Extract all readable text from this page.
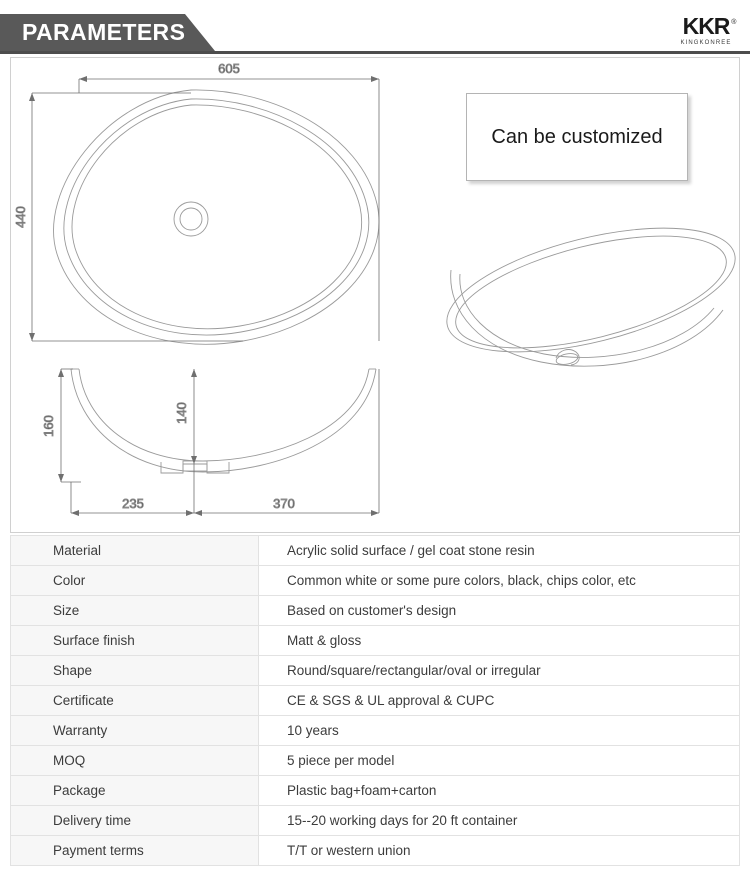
PARAMETERS	KKR ®
KINGKONREE
605
440
160
140
235	370
Can be customized
Material	Acrylic solid surface / gel coat stone resin
Color	Common white or some pure colors, black, chips color, etc
Size	Based on customer's design
Surface finish	Matt & gloss
Shape	Round/square/rectangular/oval or irregular
Certificate	CE & SGS & UL approval & CUPC
Warranty	10 years
MOQ	5 piece per model
Package	Plastic bag+foam+carton
Delivery time	15--20 working days for 20 ft container
Payment terms	T/T or western union
